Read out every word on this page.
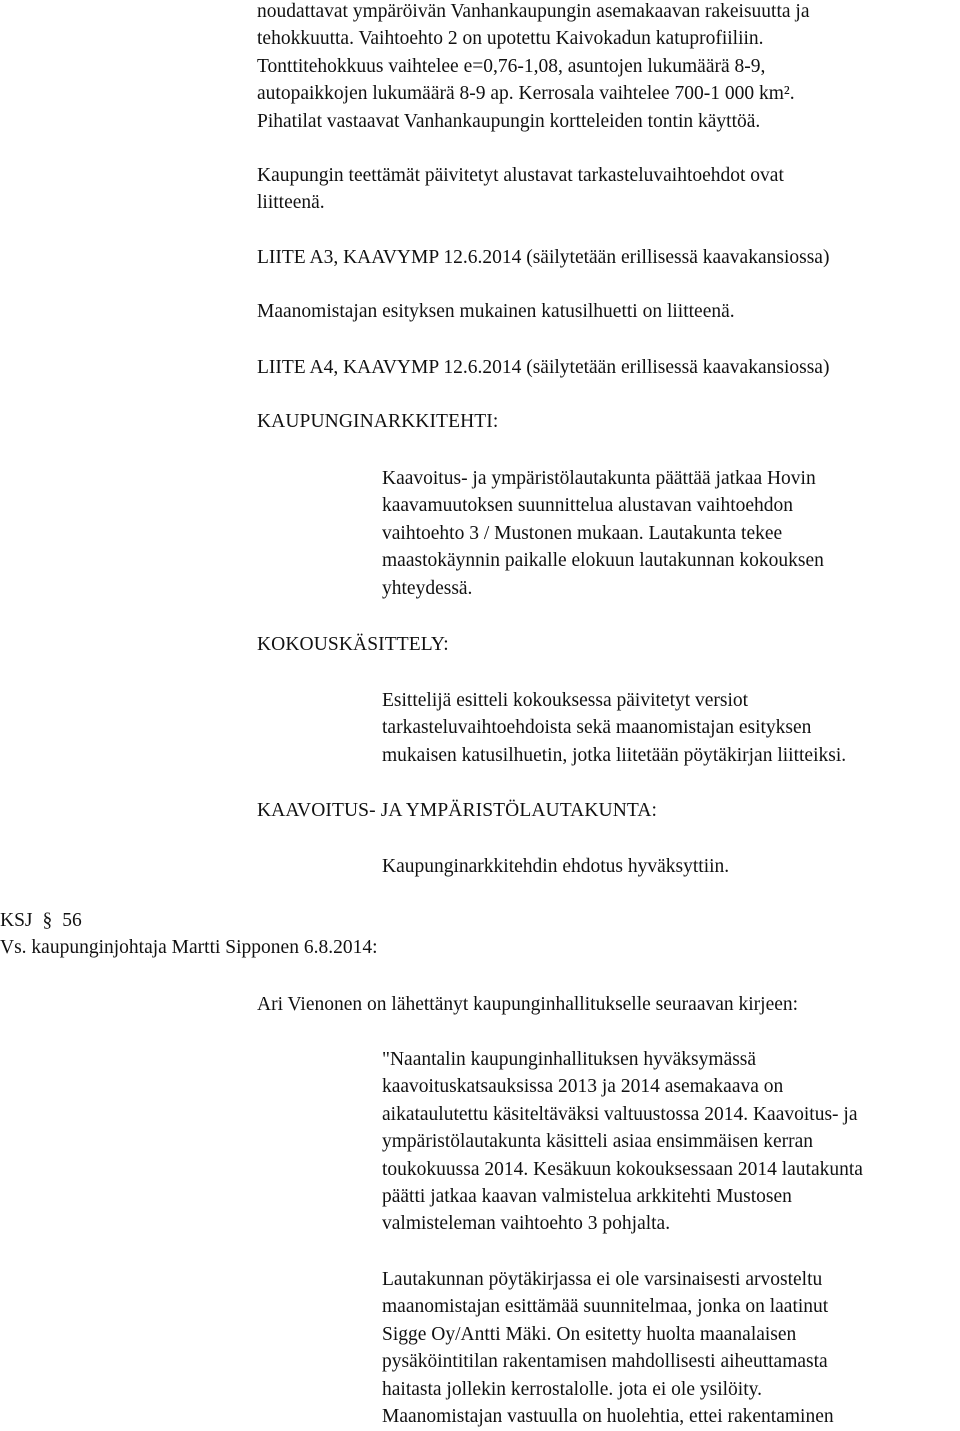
noudattavat ympäröivän Vanhankaupungin asemakaavan rakeisuutta ja
tehokkuutta. Vaihtoehto 2 on upotettu Kaivokadun katuprofiiliin.
Tonttitehokkuus vaihtelee e=0,76-1,08, asuntojen lukumäärä 8-9,
autopaikkojen lukumäärä 8-9 ap. Kerrosala vaihtelee 700-1 000 km².
Pihatilat vastaavat Vanhankaupungin kortteleiden tontin käyttöä.
Kaupungin teettämät päivitetyt alustavat tarkasteluvaihtoehdot ovat
liitteenä.
LIITE A3, KAAVYMP 12.6.2014 (säilytetään erillisessä kaavakansiossa)
Maanomistajan esityksen mukainen katusilhuetti on liitteenä.
LIITE A4, KAAVYMP 12.6.2014 (säilytetään erillisessä kaavakansiossa)
KAUPUNGINARKKITEHTI:
Kaavoitus- ja ympäristölautakunta päättää jatkaa Hovin
kaavamuutoksen suunnittelua alustavan vaihtoehdon
vaihtoehto 3 / Mustonen mukaan. Lautakunta tekee
maastokäynnin paikalle elokuun lautakunnan kokouksen
yhteydessä.
KOKOUSKÄSITTELY:
Esittelijä esitteli kokouksessa päivitetyt versiot
tarkasteluvaihtoehdoista sekä maanomistajan esityksen
mukaisen katusilhuetin, jotka liitetään pöytäkirjan liitteiksi.
KAAVOITUS- JA YMPÄRISTÖLAUTAKUNTA:
Kaupunginarkkitehdin ehdotus hyväksyttiin.
KSJ § 56
Vs. kaupunginjohtaja Martti Sipponen 6.8.2014:
Ari Vienonen on lähettänyt kaupunginhallitukselle seuraavan kirjeen:
"Naantalin kaupunginhallituksen hyväksymässä
kaavoituskatsauksissa 2013 ja 2014 asemakaava on
aikataulutettu käsiteltäväksi valtuustossa 2014. Kaavoitus- ja
ympäristölautakunta käsitteli asiaa ensimmäisen kerran
toukokuussa 2014. Kesäkuun kokouksessaan 2014 lautakunta
päätti jatkaa kaavan valmistelua arkkitehti Mustosen
valmisteleman vaihtoehto 3 pohjalta.
Lautakunnan pöytäkirjassa ei ole varsinaisesti arvosteltu
maanomistajan esittämää suunnitelmaa, jonka on laatinut
Sigge Oy/Antti Mäki. On esitetty huolta maanalaisen
pysäköintitilan rakentamisen mahdollisesti aiheuttamasta
haitasta jollekin kerrostalolle. jota ei ole ysilöity.
Maanomistajan vastuulla on huolehtia, ettei rakentaminen
